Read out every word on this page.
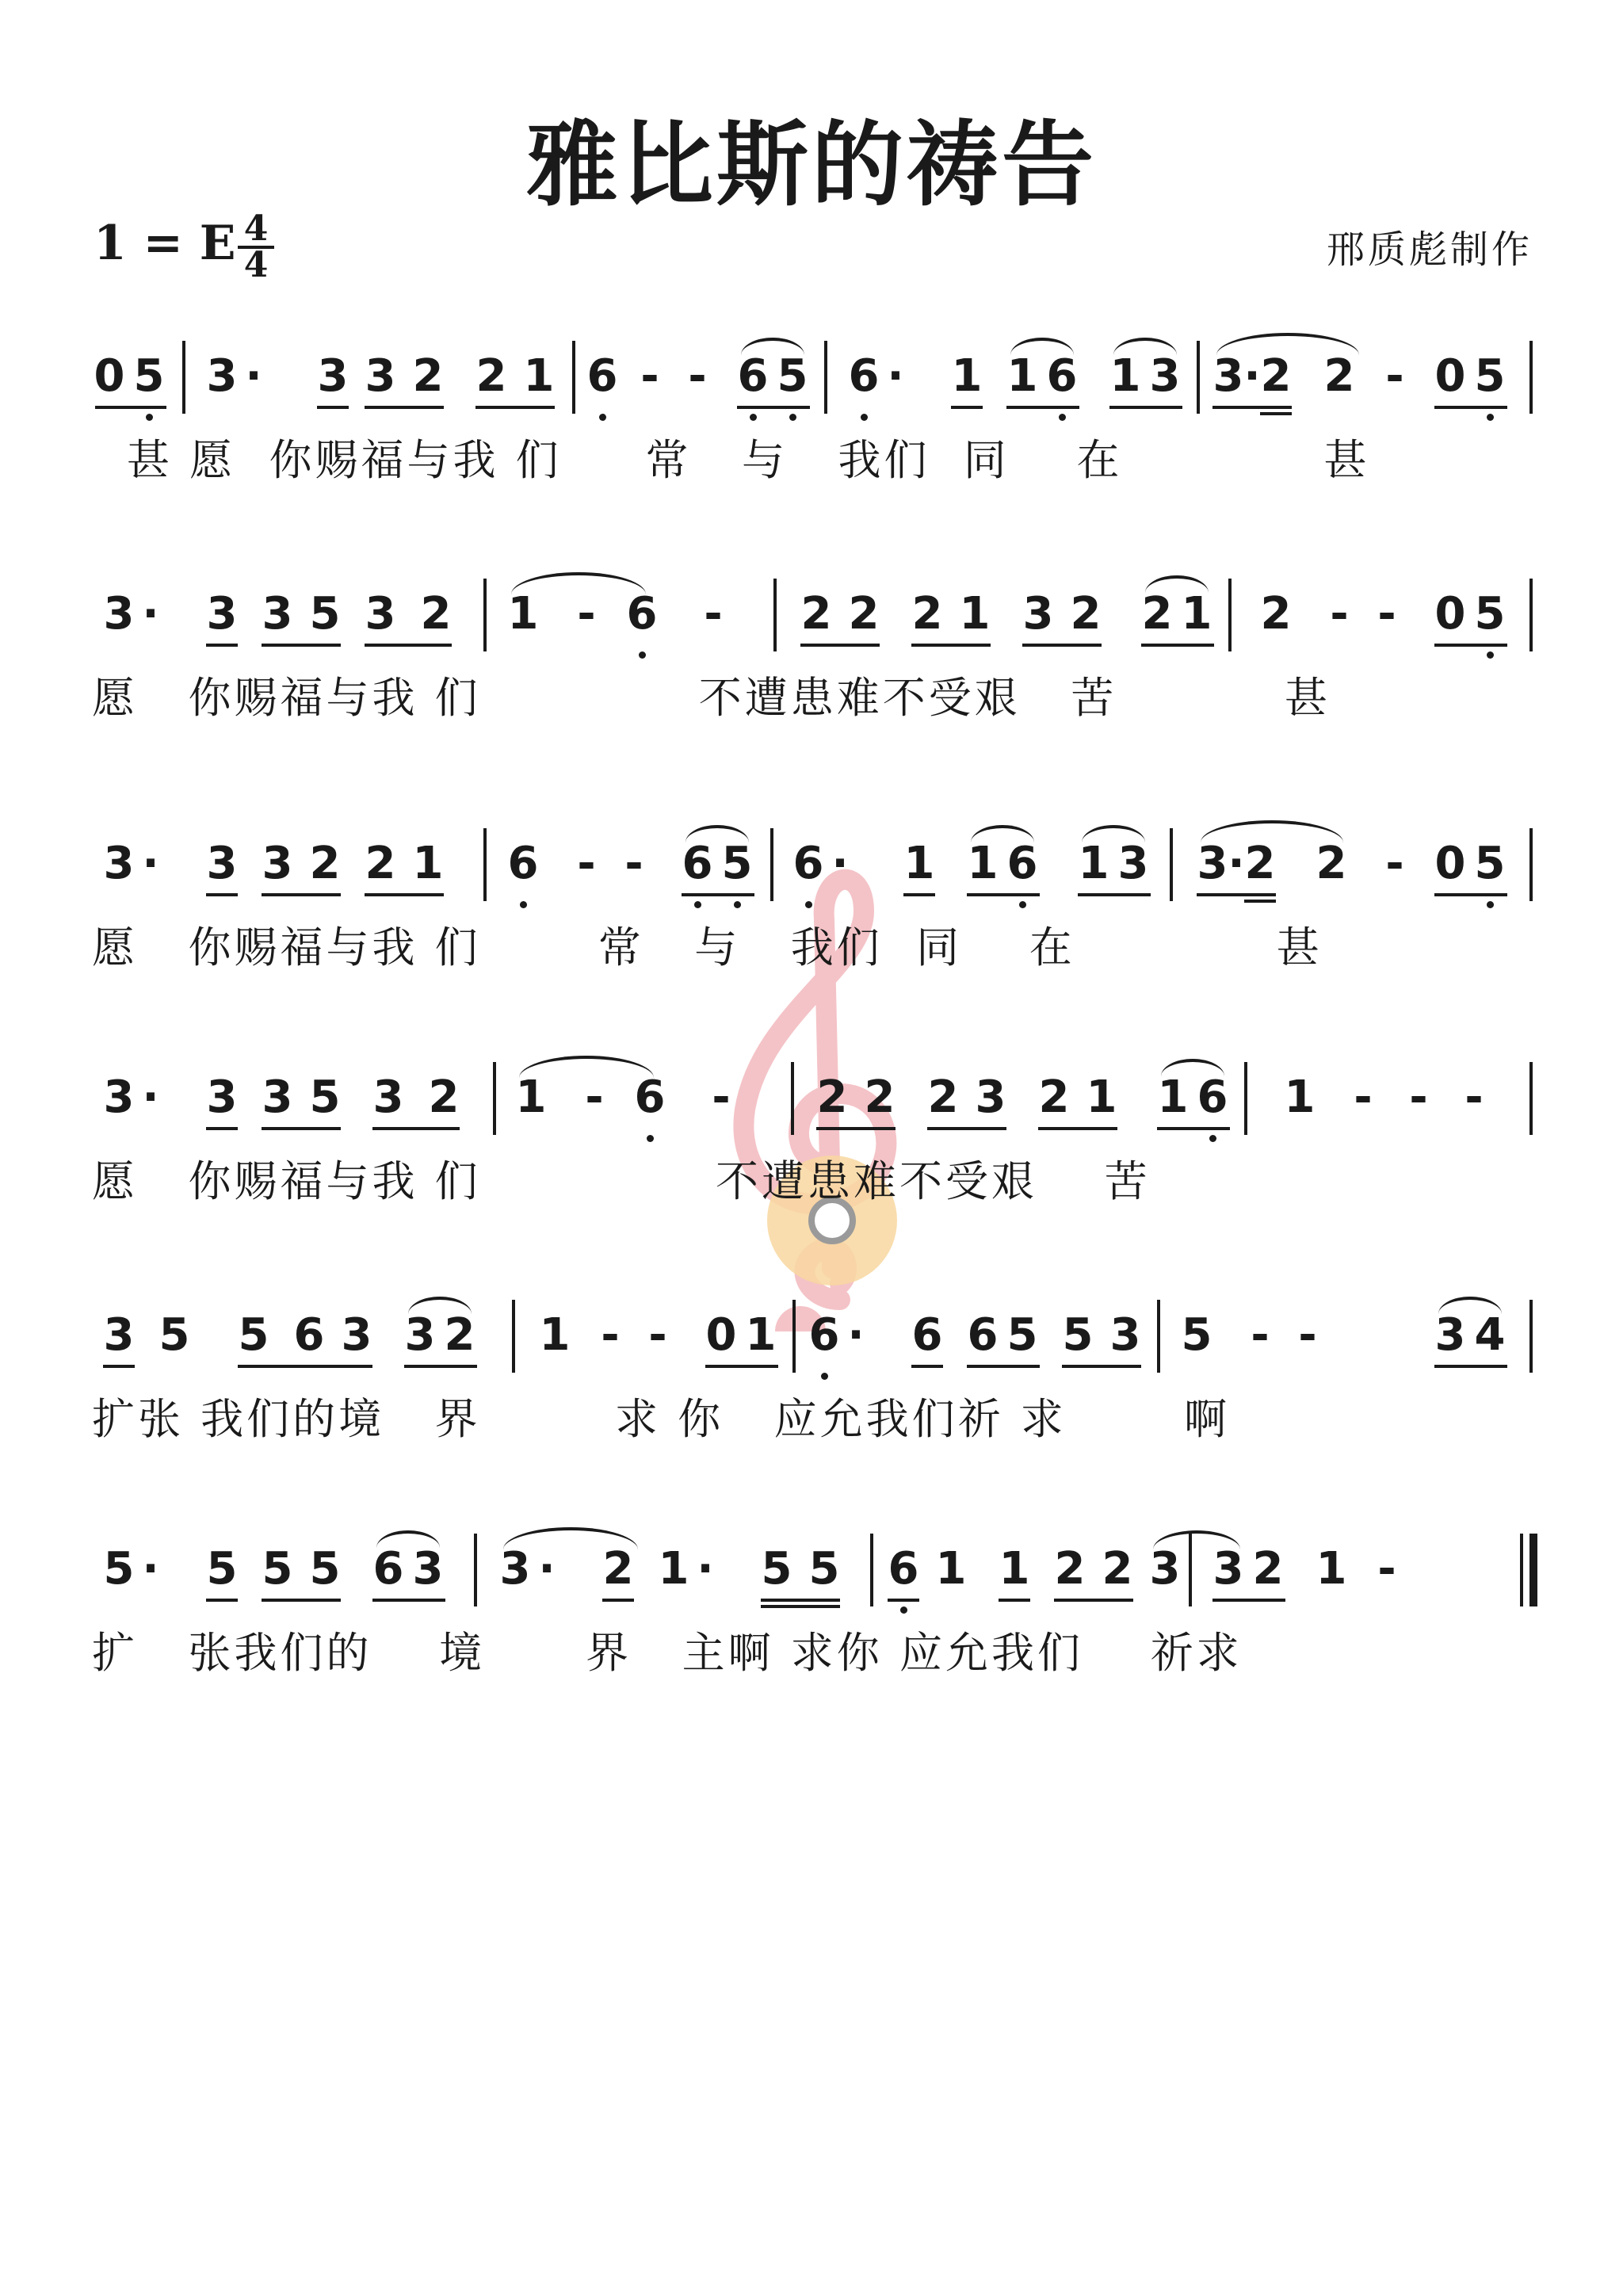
雅比斯的祷告
1 = E 4
4	邢质彪制作
0 5 3 · 3 3 2 2 1 6 - - 6 5 6 · 1 1 6 1 3 3 · 2 2 - 0 5
甚 愿  你赐福与我 们     常   与   我们  同    在            甚
3 · 3 3 5 3 2 1 - 6 - 2 2 2 1 3 2 2 1 2 - - 0 5
愿   你赐福与我 们             不遭患难不受艰   苦          甚
3 · 3 3 2 2 1 6 - - 6 5 6 · 1 1 6 1 3 3 · 2 2 - 0 5
愿   你赐福与我 们       常   与   我们  同    在            甚
3 · 3 3 5 3 2 1 - 6 - 2 2 2 3 2 1 1 6 1 - - -
愿   你赐福与我 们              不遭患难不受艰    苦
3 5 5 6 3 3 2 1 - - 0 1 6 · 6 6 5 5 3 5 - -	3 4
扩张 我们的境   界        求 你   应允我们祈 求       啊
5 · 5 5 5 6 3 3 · 2 1 · 5 5 6 1 1 2 2 3 3 2 1 -
扩   张我们的    境      界   主啊 求你 应允我们    祈求
